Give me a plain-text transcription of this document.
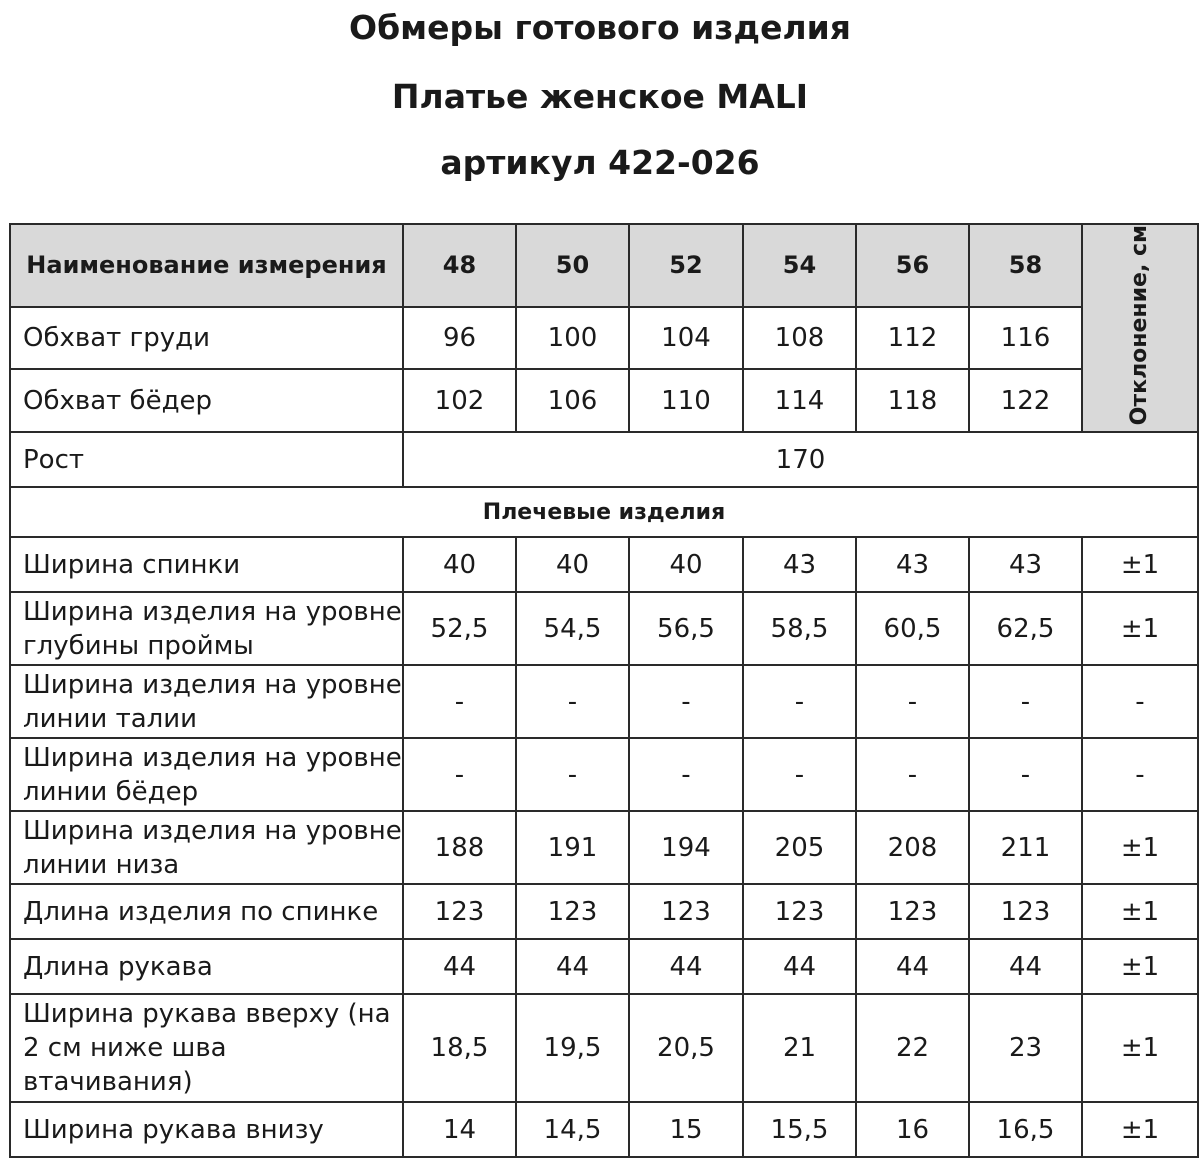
Обмеры готового изделия
Платье женское MALI
артикул 422-026
Наименование измерения	48	50	52	54	56	58	Отклонение, см
Обхват груди	96	100	104	108	112	116	
Обхват бёдер	102	106	110	114	118	122	
Рост	170						
Плечевые изделия							
Ширина спинки	40	40	40	43	43	43	±1
Ширина изделия на уровне глубины проймы	52,5	54,5	56,5	58,5	60,5	62,5	±1
Ширина изделия на уровне линии талии	-	-	-	-	-	-	-
Ширина изделия на уровне линии бёдер	-	-	-	-	-	-	-
Ширина изделия на уровне линии низа	188	191	194	205	208	211	±1
Длина изделия по спинке	123	123	123	123	123	123	±1
Длина рукава	44	44	44	44	44	44	±1
Ширина рукава вверху (на 2 см ниже шва втачивания)	18,5	19,5	20,5	21	22	23	±1
Ширина рукава внизу	14	14,5	15	15,5	16	16,5	±1
